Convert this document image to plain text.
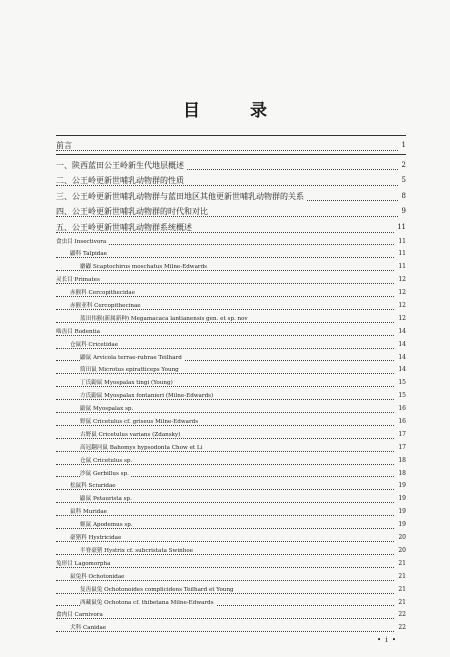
目 录
前言	1
一、陕西蓝田公王岭新生代地层概述	2
二、公王岭更新世哺乳动物群的性质	5
三、公王岭更新世哺乳动物群与蓝田地区其他更新世哺乳动物群的关系	8
四、公王岭更新世哺乳动物群的时代和对比	9
五、公王岭更新世哺乳动物群系统概述	11
食虫目 Insectivora	11
鼹科 Talpidae	11
麝鼹 Scaptochirus moschatus Milne-Edwards	11
灵长目 Primates	12
赤猴科 Cercopithecidae	12
赤猴亚科 Cercopithecinae	12
蓝田伟猴(新属新种) Megamacaca lantianensis gen. et sp. nov	12
啮齿目 Rodentia	14
仓鼠科 Cricetidae	14
鼹鼠 Arvicola terrae-rubrae Teilhard	14
简田鼠 Microtus epiratticeps Young	14
丁氏鼢鼠 Myospalax tingi (Young)	15
方氏鼢鼠 Myospalax fontanieri (Milne-Edwards)	15
鼢鼠 Myospalax sp.	16
野鼠 Cricetulus cf. griseus Milne-Edwards	16
古野鼠 Cricetulus varians (Zdansky)	17
高冠翻河鼠 Bahomys hypsodonta Chow et Li	17
仓鼠 Cricetulus sp.	18
沙鼠 Gerbillus sp.	18
松鼠科 Sciuridae	19
鼯鼠 Petaurista sp.	19
鼠科 Muridae	19
姬鼠 Apodemus sp.	19
豪猪科 Hystricidae	20
半脊豪猪 Hystrix cf. subcristata Swinhoe	20
兔形目 Lagomorpha	21
鼠兔科 Ochotonidae	21
复齿鼠兔 Ochotonoides complicidens Teilhard et Young	21
西藏鼠兔 Ochotona cf. thibetana Milne-Edwards	21
食肉目 Carnivora	22
犬科 Canidae	22
• i •
